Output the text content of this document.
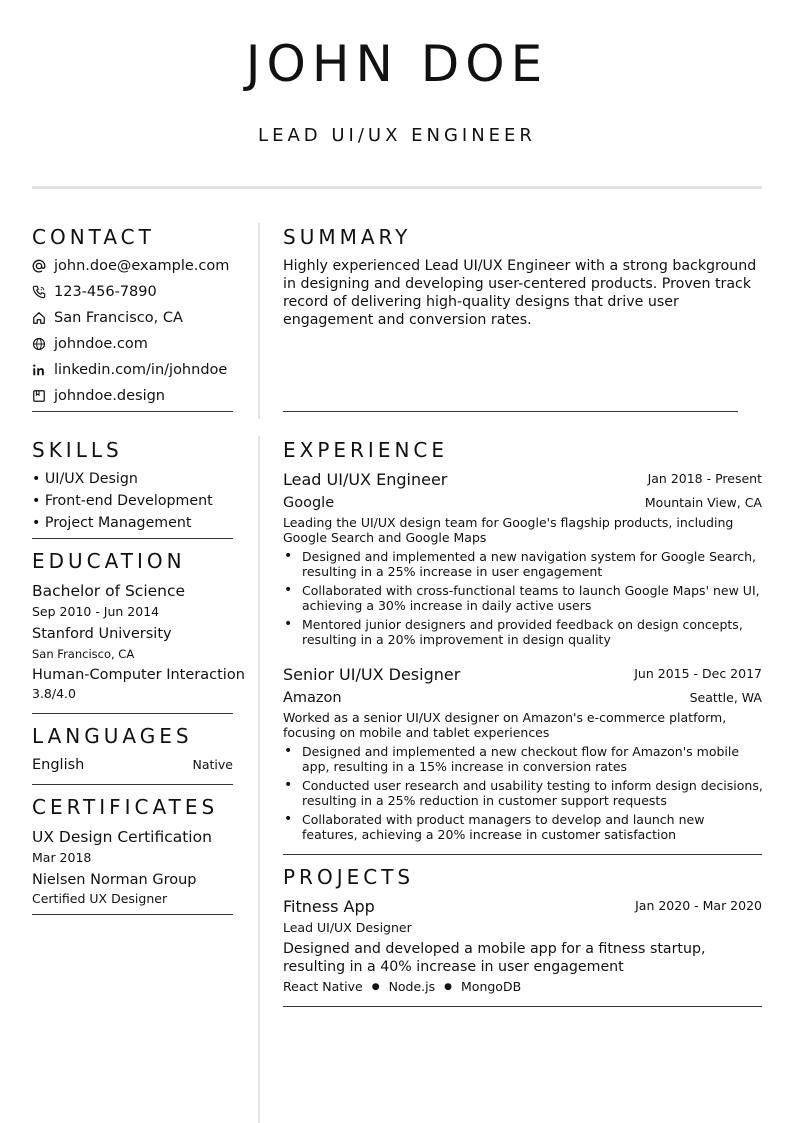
JOHN DOE
LEAD UI/UX ENGINEER
CONTACT
john.doe@example.com
123-456-7890
San Francisco, CA
johndoe.com
linkedin.com/in/johndoe
johndoe.design
SUMMARY
Highly experienced Lead UI/UX Engineer with a strong background in designing and developing user-centered products. Proven track record of delivering high-quality designs that drive user engagement and conversion rates.
SKILLS
• UI/UX Design
• Front-end Development
• Project Management
EDUCATION
Bachelor of Science
Sep 2010 - Jun 2014
Stanford University
San Francisco, CA
Human-Computer Interaction
3.8/4.0
LANGUAGES
English	Native
CERTIFICATES
UX Design Certification
Mar 2018
Nielsen Norman Group
Certified UX Designer
EXPERIENCE
Lead UI/UX Engineer	Jan 2018 - Present
Google	Mountain View, CA
Leading the UI/UX design team for Google's flagship products, including Google Search and Google Maps
• Designed and implemented a new navigation system for Google Search, resulting in a 25% increase in user engagement
• Collaborated with cross-functional teams to launch Google Maps' new UI, achieving a 30% increase in daily active users
• Mentored junior designers and provided feedback on design concepts, resulting in a 20% improvement in design quality
Senior UI/UX Designer	Jun 2015 - Dec 2017
Amazon	Seattle, WA
Worked as a senior UI/UX designer on Amazon's e-commerce platform, focusing on mobile and tablet experiences
• Designed and implemented a new checkout flow for Amazon's mobile app, resulting in a 15% increase in conversion rates
• Conducted user research and usability testing to inform design decisions, resulting in a 25% reduction in customer support requests
• Collaborated with product managers to develop and launch new features, achieving a 20% increase in customer satisfaction
PROJECTS
Fitness App	Jan 2020 - Mar 2020
Lead UI/UX Designer
Designed and developed a mobile app for a fitness startup, resulting in a 40% increase in user engagement
React Native ● Node.js ● MongoDB
